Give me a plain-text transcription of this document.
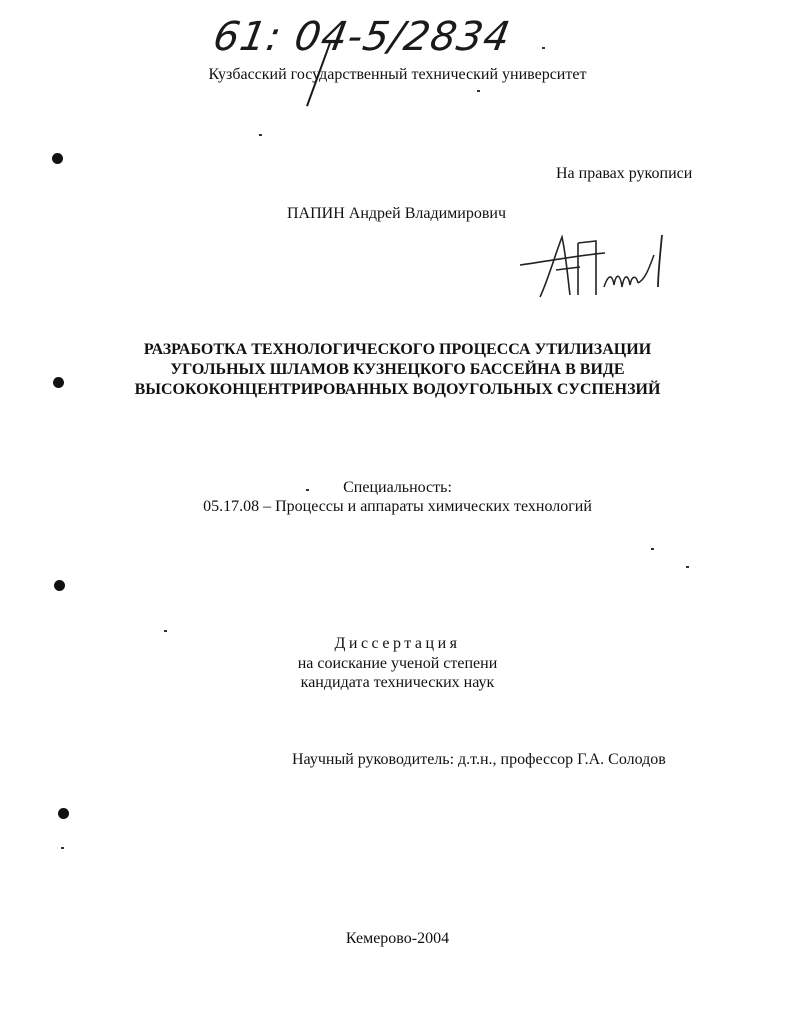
61: 04-5/2834
Кузбасский государственный технический университет
На правах рукописи
ПАПИН Андрей Владимирович
РАЗРАБОТКА ТЕХНОЛОГИЧЕСКОГО ПРОЦЕССА УТИЛИЗАЦИИ
УГОЛЬНЫХ ШЛАМОВ КУЗНЕЦКОГО БАССЕЙНА В ВИДЕ
ВЫСОКОКОНЦЕНТРИРОВАННЫХ ВОДОУГОЛЬНЫХ СУСПЕНЗИЙ
Специальность:
05.17.08 – Процессы и аппараты химических технологий
Диссертация
на соискание ученой степени
кандидата технических наук
Научный руководитель: д.т.н., профессор Г.А. Солодов
Кемерово-2004
